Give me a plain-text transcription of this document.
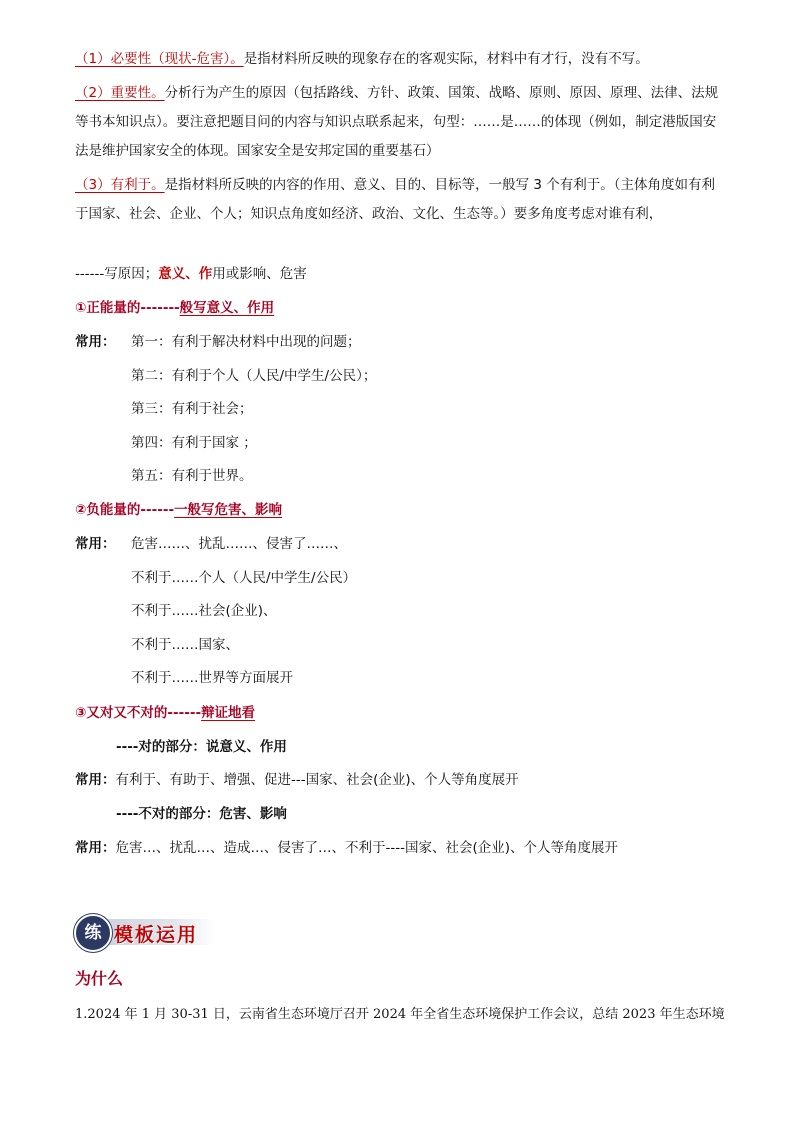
（1）必要性（现状-危害）。是指材料所反映的现象存在的客观实际，材料中有才行，没有不写。
（2）重要性。分析行为产生的原因（包括路线、方针、政策、国策、战略、原则、原因、原理、法律、法规等书本知识点）。要注意把题目问的内容与知识点联系起来，句型：……是……的体现（例如，制定港版国安法是维护国家安全的体现。国家安全是安邦定国的重要基石）
（3）有利于。是指材料所反映的内容的作用、意义、目的、目标等，一般写 3 个有利于。（主体角度如有利于国家、社会、企业、个人；知识点角度如经济、政治、文化、生态等。）要多角度考虑对谁有利，
------写原因；意义、作用或影响、危害
①正能量的-------般写意义、作用
常用：	第一：有利于解决材料中出现的问题；
第二：有利于个人（人民/中学生/公民）；
第三：有利于社会；
第四：有利于国家 ；
第五：有利于世界。
②负能量的------一般写危害、影响
常用：	危害……、扰乱……、侵害了……、
不利于……个人（人民/中学生/公民）
不利于……社会(企业)、
不利于……国家、
不利于……世界等方面展开
③又对又不对的------辩证地看
----对的部分：说意义、作用
常用：有利于、有助于、增强、促进---国家、社会(企业)、个人等角度展开
----不对的部分：危害、影响
常用：危害…、扰乱…、造成…、侵害了…、不利于----国家、社会(企业)、个人等角度展开
练 模板运用
为什么
1.2024 年 1 月 30-31 日，云南省生态环境厅召开 2024 年全省生态环境保护工作会议，总结 2023 年生态环境
